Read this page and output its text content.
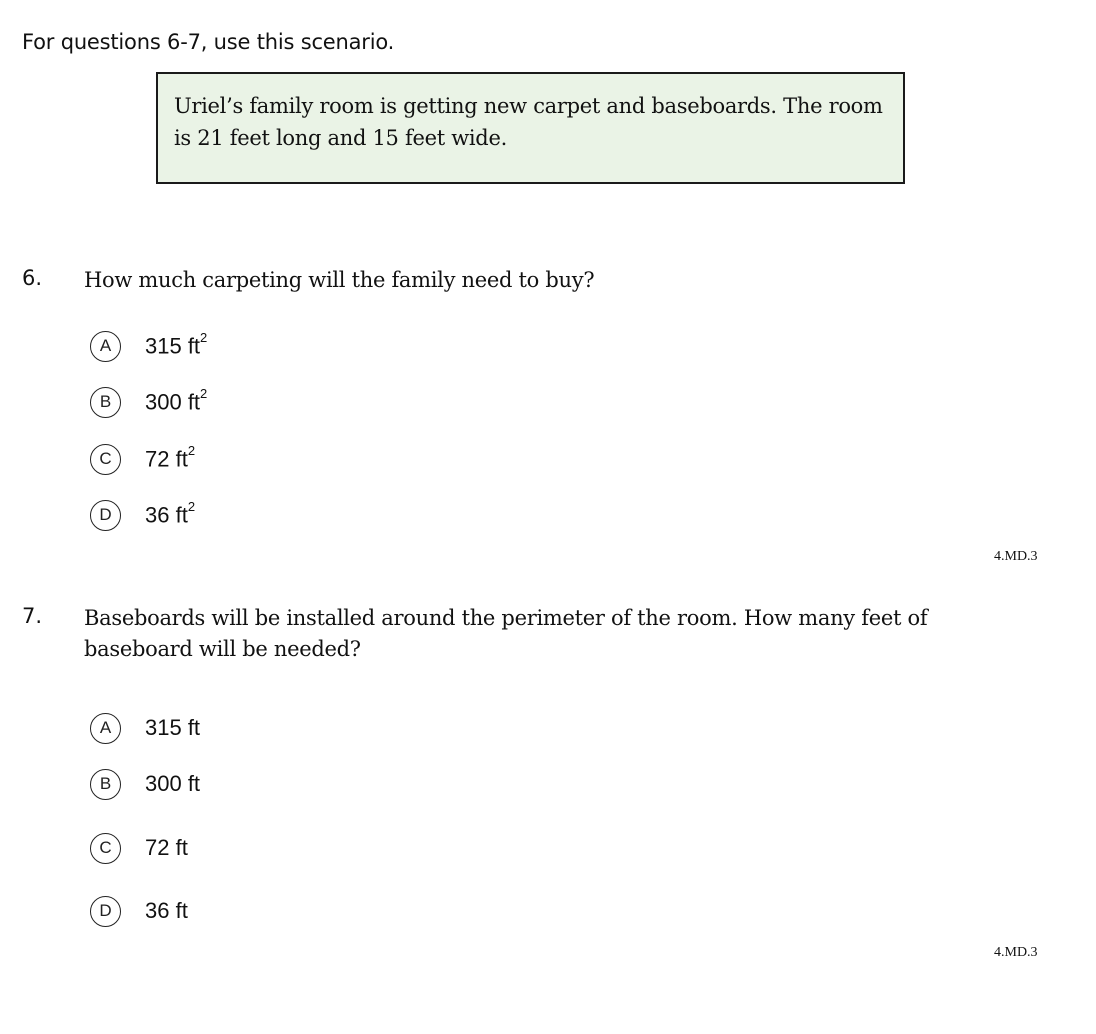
For questions 6-7, use this scenario.
Uriel’s family room is getting new carpet and baseboards. The room is 21 feet long and 15 feet wide.
6. How much carpeting will the family need to buy?
A	315 $ft^2$
B	300 $ft^2$
C	72 $ft^2$
D	36 $ft^2$
4.MD.3
7. Baseboards will be installed around the perimeter of the room. How many feet of baseboard will be needed?
A	315 ft
B	300 ft
C	72 ft
D	36 ft
4.MD.3
